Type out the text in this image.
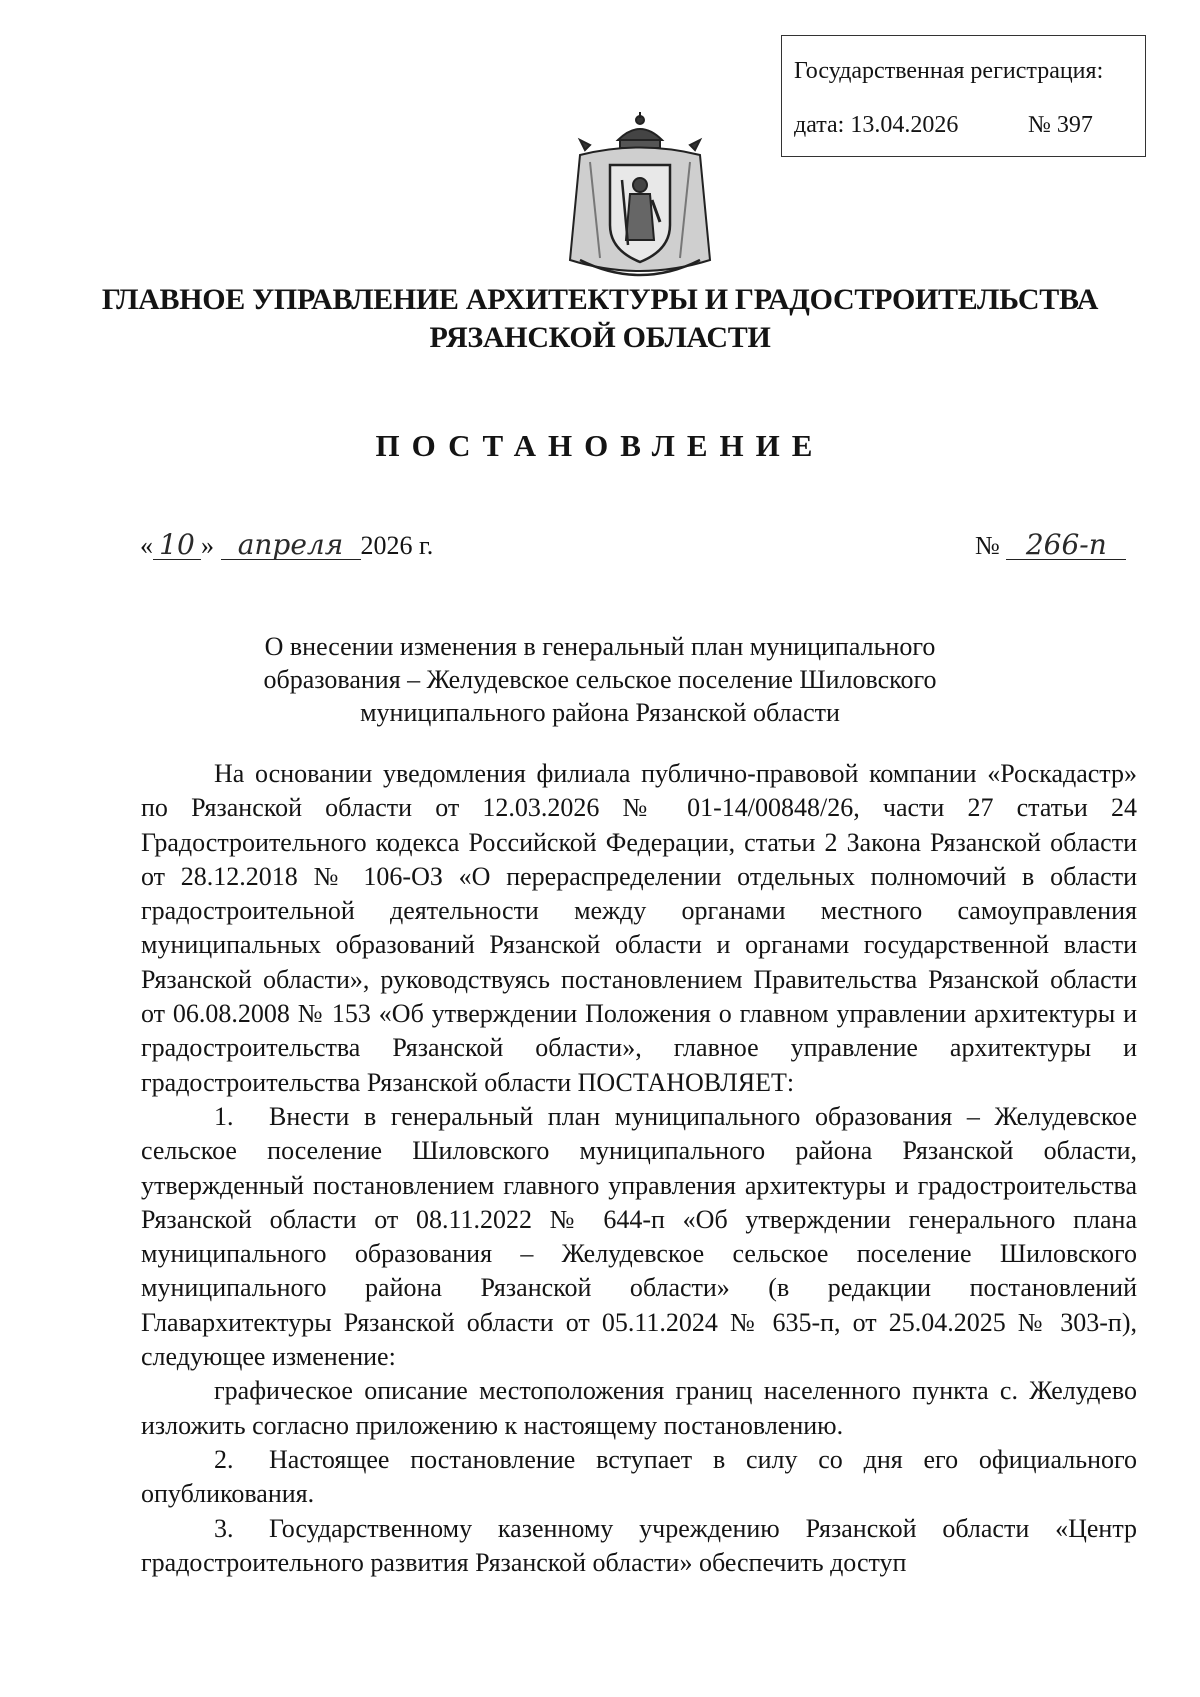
Государственная регистрация:
дата: 13.04.2026	№ 397
ГЛАВНОЕ УПРАВЛЕНИЕ АРХИТЕКТУРЫ И ГРАДОСТРОИТЕЛЬСТВА
РЯЗАНСКОЙ ОБЛАСТИ
ПОСТАНОВЛЕНИЕ
« 10 » апреля 2026 г.	№ 266-п
О внесении изменения в генеральный план муниципального
образования – Желудевское сельское поселение Шиловского
муниципального района Рязанской области

На основании уведомления филиала публично-правовой компании «Роскадастр» по Рязанской области от 12.03.2026 № 01-14/00848/26, части 27 статьи 24 Градостроительного кодекса Российской Федерации, статьи 2 Закона Рязанской области от 28.12.2018 № 106-ОЗ «О перераспределении отдельных полномочий в области градостроительной деятельности между органами местного самоуправления муниципальных образований Рязанской области и органами государственной власти Рязанской области», руководствуясь постановлением Правительства Рязанской области от 06.08.2008 № 153 «Об утверждении Положения о главном управлении архитектуры и градостроительства Рязанской области», главное управление архитектуры и градостроительства Рязанской области ПОСТАНОВЛЯЕТ:

1. Внести в генеральный план муниципального образования – Желудевское сельское поселение Шиловского муниципального района Рязанской области, утвержденный постановлением главного управления архитектуры и градостроительства Рязанской области от 08.11.2022 № 644-п «Об утверждении генерального плана муниципального образования – Желудевское сельское поселение Шиловского муниципального района Рязанской области» (в редакции постановлений Главархитектуры Рязанской области от 05.11.2024 № 635-п, от 25.04.2025 № 303-п), следующее изменение:

графическое описание местоположения границ населенного пункта с. Желудево изложить согласно приложению к настоящему постановлению.

2. Настоящее постановление вступает в силу со дня его официального опубликования.

3. Государственному казенному учреждению Рязанской области «Центр градостроительного развития Рязанской области» обеспечить доступ
